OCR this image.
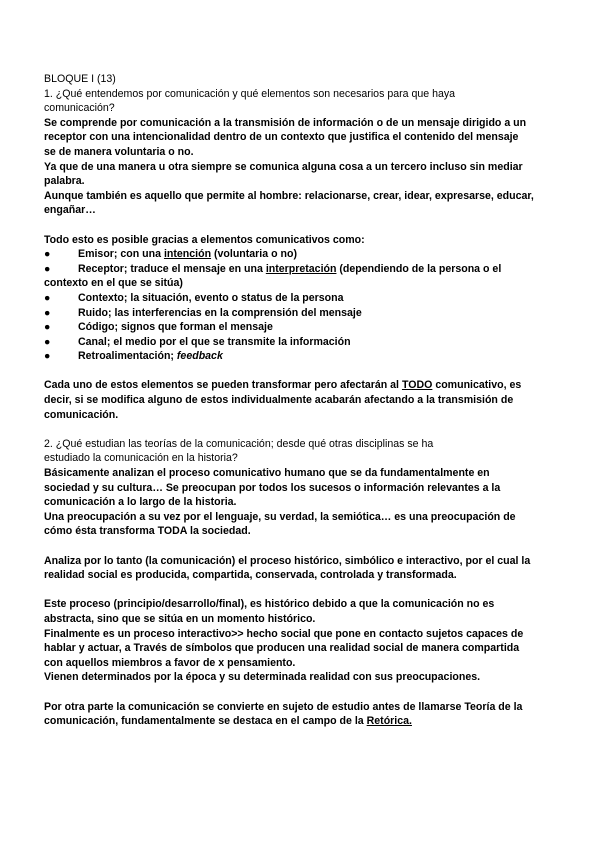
BLOQUE I (13)

1. ¿Qué entendemos por comunicación y qué elementos son necesarios para que haya

comunicación?

Se comprende por comunicación a la transmisión de información o de un mensaje dirigido a un

receptor con una intencionalidad dentro de un contexto que justifica el contenido del mensaje

se de manera voluntaria o no.

Ya que de una manera u otra siempre se comunica alguna cosa a un tercero incluso sin mediar

palabra.

Aunque también es aquello que permite al hombre: relacionarse, crear, idear, expresarse, educar,

engañar…

Todo esto es posible gracias a elementos comunicativos como:

●	Emisor; con una intención (voluntaria o no)
●	Receptor; traduce el mensaje en una interpretación (dependiendo de la persona o el
contexto en el que se sitúa)
●	Contexto; la situación, evento o status de la persona
●	Ruido; las interferencias en la comprensión del mensaje
●	Código; signos que forman el mensaje
●	Canal; el medio por el que se transmite la información
●	Retroalimentación; feedback

Cada uno de estos elementos se pueden transformar pero afectarán al TODO comunicativo, es

decir, si se modifica alguno de estos individualmente acabarán afectando a la transmisión de

comunicación.

2. ¿Qué estudian las teorías de la comunicación; desde qué otras disciplinas se ha

estudiado la comunicación en la historia?

Básicamente analizan el proceso comunicativo humano que se da fundamentalmente en

sociedad y su cultura… Se preocupan por todos los sucesos o información relevantes a la

comunicación a lo largo de la historia.

Una preocupación a su vez por el lenguaje, su verdad, la semiótica… es una preocupación de

cómo ésta transforma TODA la sociedad.

Analiza por lo tanto (la comunicación) el proceso histórico, simbólico e interactivo, por el cual la

realidad social es producida, compartida, conservada, controlada y transformada.

Este proceso (principio/desarrollo/final), es histórico debido a que la comunicación no es

abstracta, sino que se sitúa en un momento histórico.

Finalmente es un proceso interactivo>> hecho social que pone en contacto sujetos capaces de

hablar y actuar, a Través de símbolos que producen una realidad social de manera compartida

con aquellos miembros a favor de x pensamiento.

Vienen determinados por la época y su determinada realidad con sus preocupaciones.

Por otra parte la comunicación se convierte en sujeto de estudio antes de llamarse Teoría de la

comunicación, fundamentalmente se destaca en el campo de la Retórica.
